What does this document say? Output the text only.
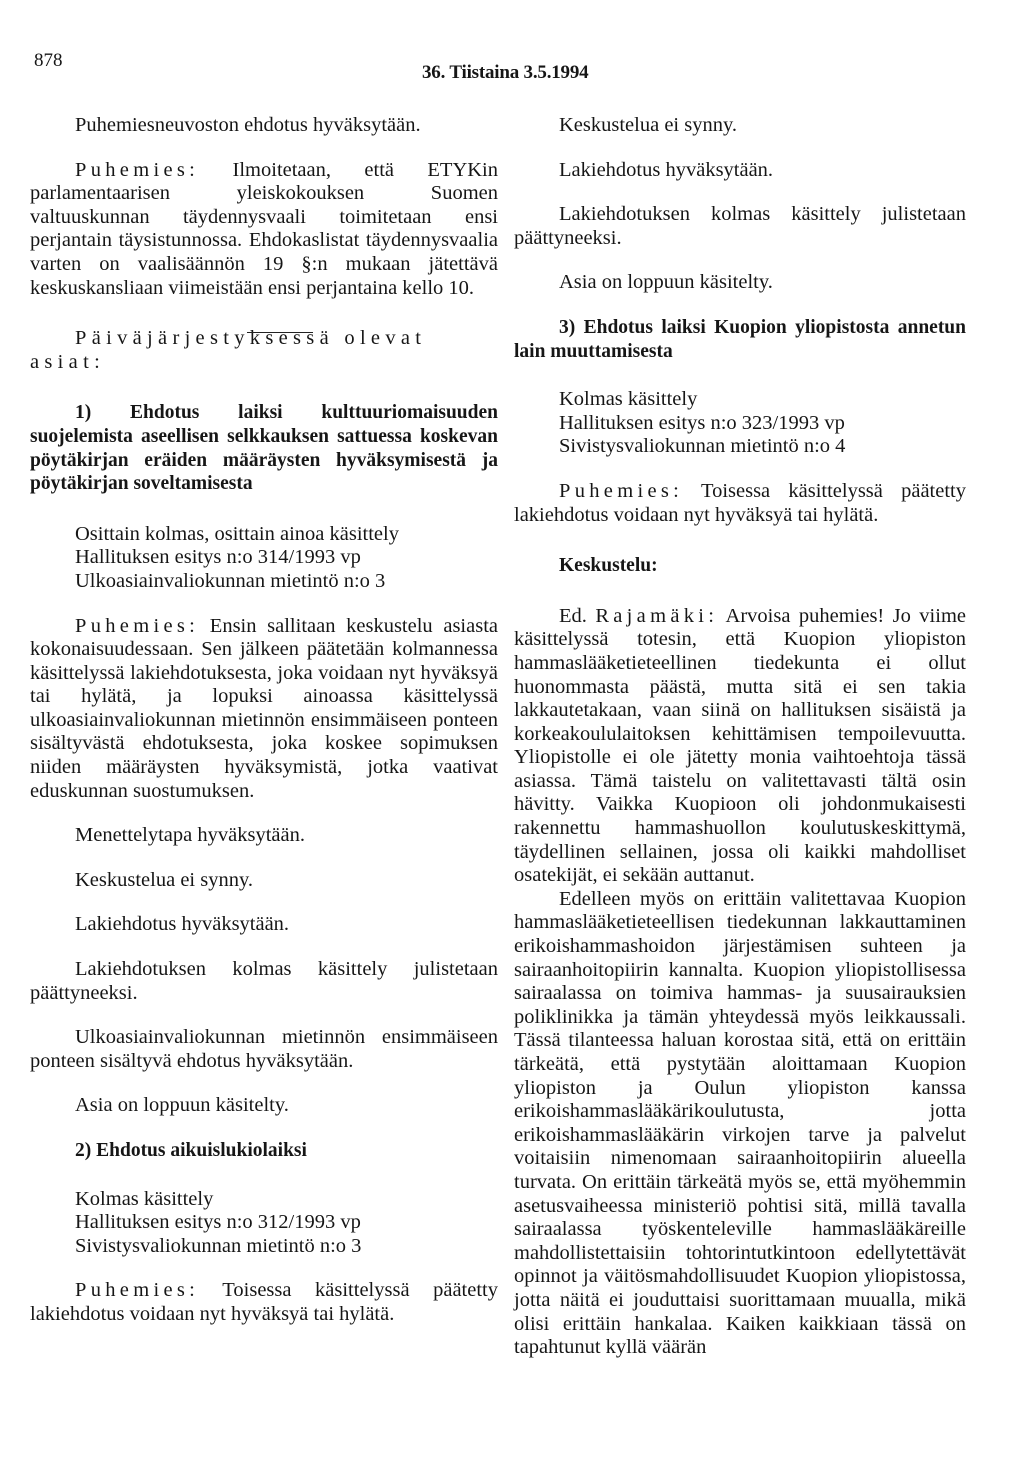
878
36. Tiistaina 3.5.1994

Puhemiesneuvoston ehdotus hyväksytään.

Puhemies: Ilmoitetaan, että ETYKin parlamentaarisen yleiskokouksen Suomen valtuuskunnan täydennysvaali toimitetaan ensi perjantain täysistunnossa. Ehdokaslistat täydennysvaalia varten on vaalisäännön 19 §:n mukaan jätettävä keskuskansliaan viimeistään ensi perjantaina kello 10.

Päiväjärjestyksessä olevat asiat:

1) Ehdotus laiksi kulttuuriomaisuuden suojelemista aseellisen selkkauksen sattuessa koskevan pöytäkirjan eräiden määräysten hyväksymisestä ja pöytäkirjan soveltamisesta

Osittain kolmas, osittain ainoa käsittely

Hallituksen esitys n:o 314/1993 vp

Ulkoasiainvaliokunnan mietintö n:o 3

Puhemies: Ensin sallitaan keskustelu asiasta kokonaisuudessaan. Sen jälkeen päätetään kolmannessa käsittelyssä lakiehdotuksesta, joka voidaan nyt hyväksyä tai hylätä, ja lopuksi ainoassa käsittelyssä ulkoasiainvaliokunnan mietinnön ensimmäiseen ponteen sisältyvästä ehdotuksesta, joka koskee sopimuksen niiden määräysten hyväksymistä, jotka vaativat eduskunnan suostumuksen.

Menettelytapa hyväksytään.

Keskustelua ei synny.

Lakiehdotus hyväksytään.

Lakiehdotuksen kolmas käsittely julistetaan päättyneeksi.

Ulkoasiainvaliokunnan mietinnön ensimmäiseen ponteen sisältyvä ehdotus hyväksytään.

Asia on loppuun käsitelty.

2) Ehdotus aikuislukiolaiksi

Kolmas käsittely

Hallituksen esitys n:o 312/1993 vp

Sivistysvaliokunnan mietintö n:o 3

Puhemies: Toisessa käsittelyssä päätetty lakiehdotus voidaan nyt hyväksyä tai hylätä.

Keskustelua ei synny.

Lakiehdotus hyväksytään.

Lakiehdotuksen kolmas käsittely julistetaan päättyneeksi.

Asia on loppuun käsitelty.

3) Ehdotus laiksi Kuopion yliopistosta annetun lain muuttamisesta

Kolmas käsittely

Hallituksen esitys n:o 323/1993 vp

Sivistysvaliokunnan mietintö n:o 4

Puhemies: Toisessa käsittelyssä päätetty lakiehdotus voidaan nyt hyväksyä tai hylätä.

Keskustelu:

Ed. Rajamäki: Arvoisa puhemies! Jo viime käsittelyssä totesin, että Kuopion yliopiston hammaslääketieteellinen tiedekunta ei ollut huonommasta päästä, mutta sitä ei sen takia lakkautetakaan, vaan siinä on hallituksen sisäistä ja korkeakoululaitoksen kehittämisen tempoilevuutta. Yliopistolle ei ole jätetty monia vaihtoehtoja tässä asiassa. Tämä taistelu on valitettavasti tältä osin hävitty. Vaikka Kuopioon oli johdonmukaisesti rakennettu hammashuollon koulutuskeskittymä, täydellinen sellainen, jossa oli kaikki mahdolliset osatekijät, ei sekään auttanut.

Edelleen myös on erittäin valitettavaa Kuopion hammaslääketieteellisen tiedekunnan lakkauttaminen erikoishammashoidon järjestämisen suhteen ja sairaanhoitopiirin kannalta. Kuopion yliopistollisessa sairaalassa on toimiva hammas- ja suusairauksien poliklinikka ja tämän yhteydessä myös leikkaussali. Tässä tilanteessa haluan korostaa sitä, että on erittäin tärkeätä, että pystytään aloittamaan Kuopion yliopiston ja Oulun yliopiston kanssa erikoishammaslääkärikoulutusta, jotta erikoishammaslääkärin virkojen tarve ja palvelut voitaisiin nimenomaan sairaanhoitopiirin alueella turvata. On erittäin tärkeätä myös se, että myöhemmin asetusvaiheessa ministeriö pohtisi sitä, millä tavalla sairaalassa työskenteleville hammaslääkäreille mahdollistettaisiin tohtorintutkintoon edellytettävät opinnot ja väitösmahdollisuudet Kuopion yliopistossa, jotta näitä ei jouduttaisi suorittamaan muualla, mikä olisi erittäin hankalaa. Kaiken kaikkiaan tässä on tapahtunut kyllä väärän
